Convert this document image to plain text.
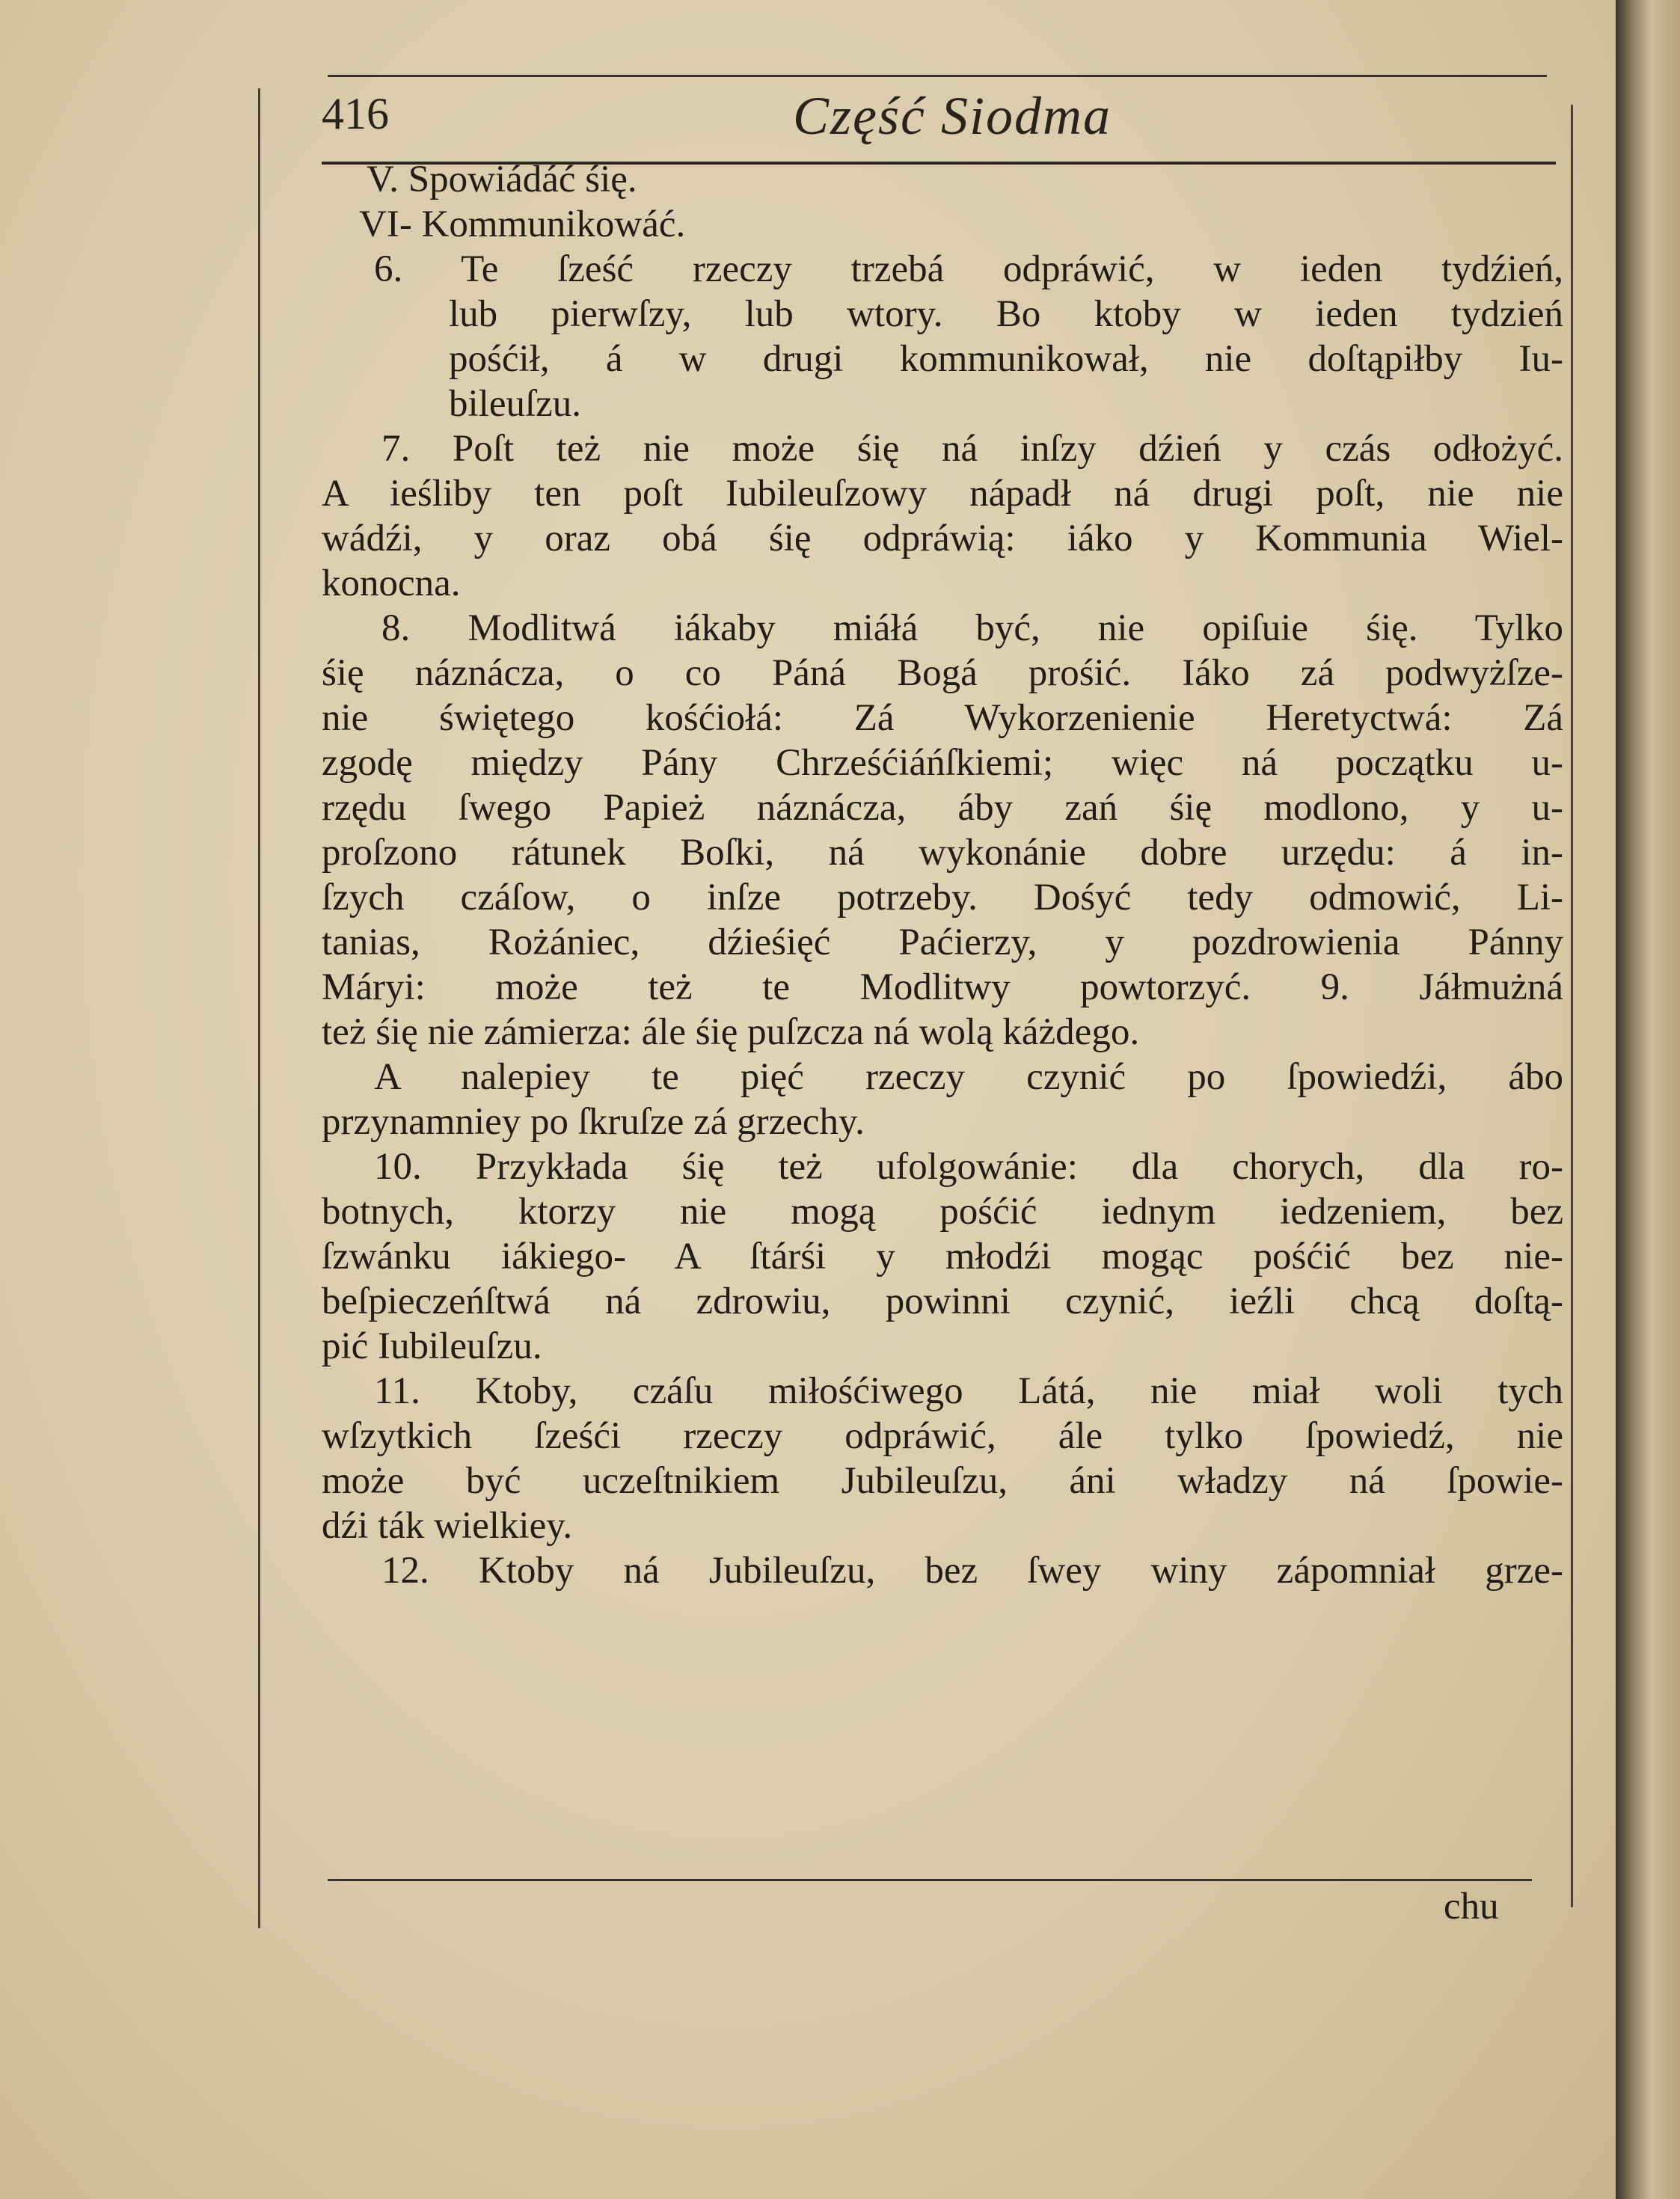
416	Część Siodma
V. Spowiádáć śię.
VI- Kommunikowáć.
6. Te ſześć rzeczy trzebá odpráwić, w ieden tydźień,
lub pierwſzy, lub wtory. Bo ktoby w ieden tydzień
pośćił, á w drugi kommunikował, nie doſtąpiłby Iu-
bileuſzu.
7. Poſt też nie może śię ná inſzy dźień y czás odłożyć.
A ieśliby ten poſt Iubileuſzowy nápadł ná drugi poſt, nie nie
wádźi, y oraz obá śię odpráwią: iáko y Kommunia Wiel-
konocna.
8. Modlitwá iákaby miáłá być, nie opiſuie śię. Tylko
śię náznácza, o co Páná Bogá prośić. Iáko zá podwyżſze-
nie świętego kośćiołá: Zá Wykorzenienie Heretyctwá: Zá
zgodę między Pány Chrześćiáńſkiemi; więc ná początku u-
rzędu ſwego Papież náznácza, áby zań śię modlono, y u-
proſzono rátunek Boſki, ná wykonánie dobre urzędu: á in-
ſzych czáſow, o inſze potrzeby. Dośyć tedy odmowić, Li-
tanias, Rożániec, dźieśięć Paćierzy, y pozdrowienia Pánny
Máryi: może też te Modlitwy powtorzyć. 9. Jáłmużná
też śię nie zámierza: ále śię puſzcza ná wolą káżdego.
A nalepiey te pięć rzeczy czynić po ſpowiedźi, ábo
przynamniey po ſkruſze zá grzechy.
10. Przykłada śię też ufolgowánie: dla chorych, dla ro-
botnych, ktorzy nie mogą pośćić iednym iedzeniem, bez
ſzwánku iákiego- A ſtárśi y młodźi mogąc pośćić bez nie-
beſpieczeńſtwá ná zdrowiu, powinni czynić, ieźli chcą doſtą-
pić Iubileuſzu.
11. Ktoby, czáſu miłośćiwego Látá, nie miał woli tych
wſzytkich ſześći rzeczy odpráwić, ále tylko ſpowiedź, nie
może być uczeſtnikiem Jubileuſzu, áni władzy ná ſpowie-
dźi ták wielkiey.
12. Ktoby ná Jubileuſzu, bez ſwey winy zápomniał grze-
chu
